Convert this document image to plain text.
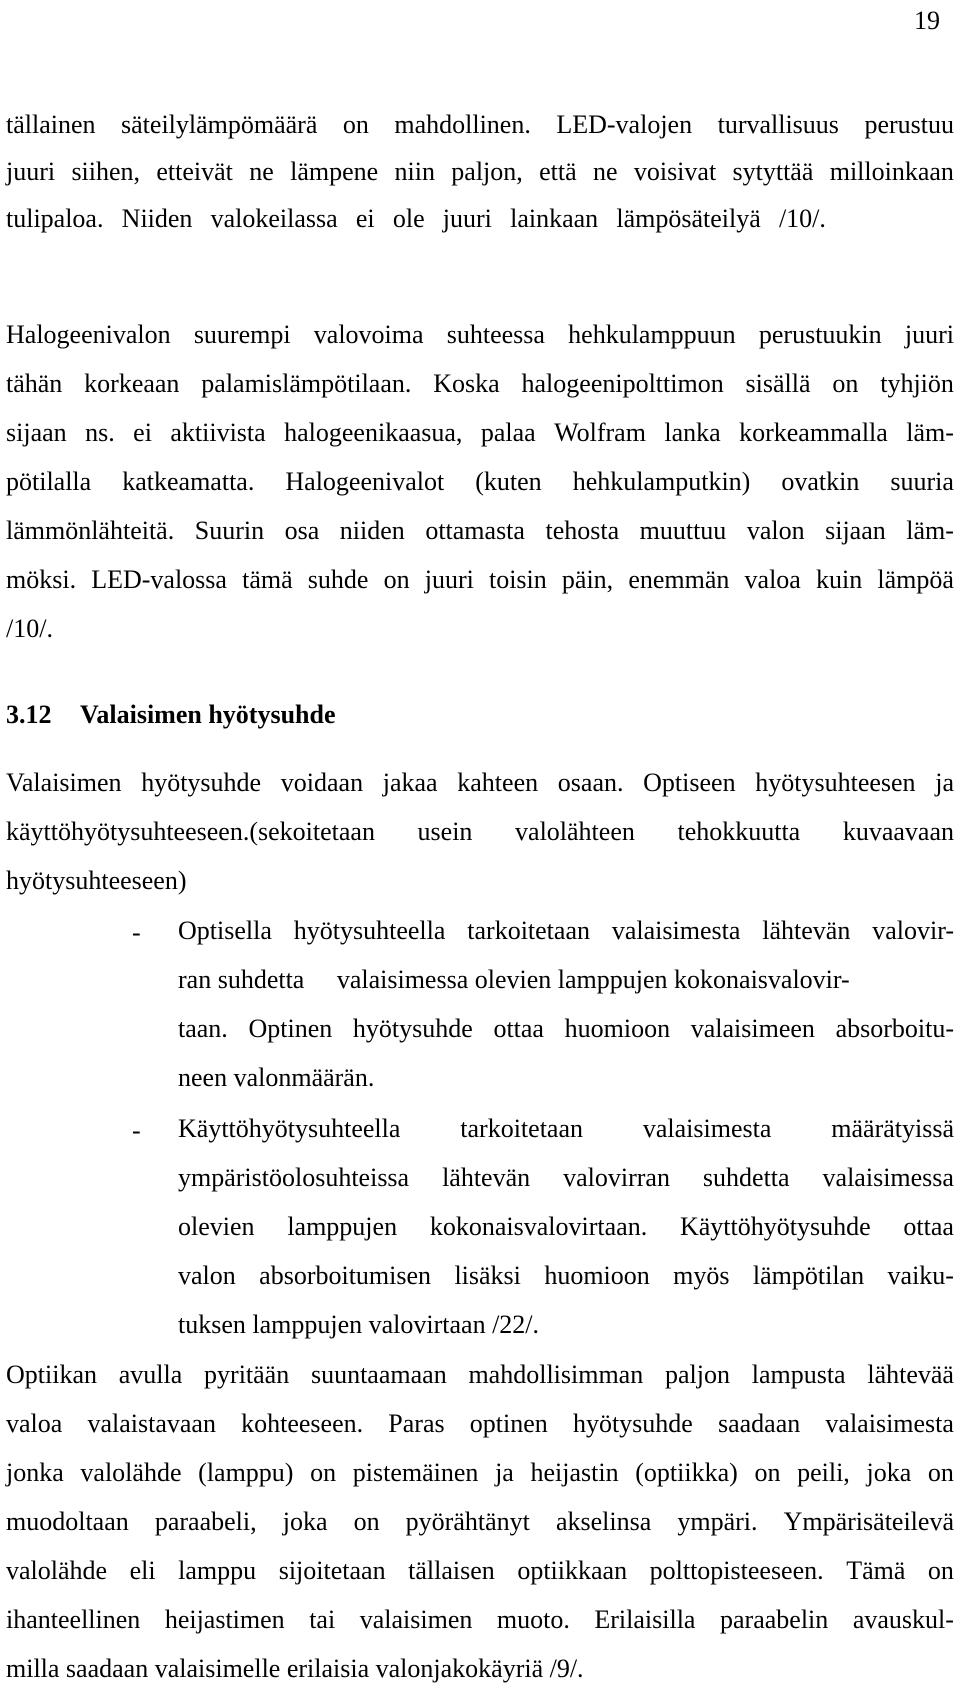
19
tällainen säteilylämpömäärä on mahdollinen. LED-valojen turvallisuus perustuu
juuri siihen, etteivät ne lämpene niin paljon, että ne voisivat sytyttää milloinkaan
tulipaloa. Niiden valokeilassa ei ole juuri lainkaan lämpösäteilyä /10/.
Halogeenivalon suurempi valovoima suhteessa hehkulamppuun perustuukin juuri
tähän korkeaan palamislämpötilaan. Koska halogeenipolttimon sisällä on tyhjiön
sijaan ns. ei aktiivista halogeenikaasua, palaa Wolfram lanka korkeammalla läm-
pötilalla katkeamatta. Halogeenivalot (kuten hehkulamputkin) ovatkin suuria
lämmönlähteitä. Suurin osa niiden ottamasta tehosta muuttuu valon sijaan läm-
möksi. LED-valossa tämä suhde on juuri toisin päin, enemmän valoa kuin lämpöä
/10/.
3.12 Valaisimen hyötysuhde
Valaisimen hyötysuhde voidaan jakaa kahteen osaan. Optiseen hyötysuhteesen ja
käyttöhyötysuhteeseen.(sekoitetaan usein valolähteen tehokkuutta kuvaavaan
hyötysuhteeseen)
- Optisella hyötysuhteella tarkoitetaan valaisimesta lähtevän valovir-
ran suhdetta     valaisimessa olevien lamppujen kokonaisvalovir-
taan. Optinen hyötysuhde ottaa huomioon valaisimeen absorboitu-
neen valonmäärän.
- Käyttöhyötysuhteella tarkoitetaan valaisimesta määrätyissä
ympäristöolosuhteissa lähtevän valovirran suhdetta valaisimessa
olevien lamppujen kokonaisvalovirtaan. Käyttöhyötysuhde ottaa
valon absorboitumisen lisäksi huomioon myös lämpötilan vaiku-
tuksen lamppujen valovirtaan /22/.
Optiikan avulla pyritään suuntaamaan mahdollisimman paljon lampusta lähtevää
valoa valaistavaan kohteeseen. Paras optinen hyötysuhde saadaan valaisimesta
jonka valolähde (lamppu) on pistemäinen ja heijastin (optiikka) on peili, joka on
muodoltaan paraabeli, joka on pyörähtänyt akselinsa ympäri. Ympärisäteilevä
valolähde eli lamppu sijoitetaan tällaisen optiikkaan polttopisteeseen. Tämä on
ihanteellinen heijastimen tai valaisimen muoto. Erilaisilla paraabelin avauskul-
milla saadaan valaisimelle erilaisia valonjakokäyriä /9/.
